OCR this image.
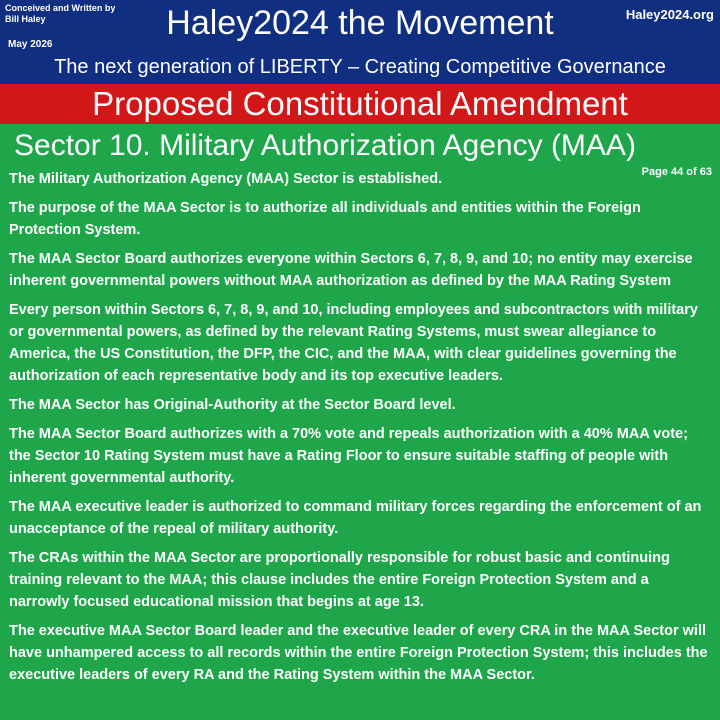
Conceived and Written by Bill Haley
May 2026
Haley2024 the Movement	Haley2024.org
The next generation of LIBERTY – Creating Competitive Governance
Proposed Constitutional Amendment
Sector 10. Military Authorization Agency (MAA)
Page 44 of 63

The Military Authorization Agency (MAA) Sector is established.

The purpose of the MAA Sector is to authorize all individuals and entities within the Foreign Protection System.

The MAA Sector Board authorizes everyone within Sectors 6, 7, 8, 9, and 10; no entity may exercise inherent governmental powers without MAA authorization as defined by the MAA Rating System

Every person within Sectors 6, 7, 8, 9, and 10, including employees and subcontractors with military or governmental powers, as defined by the relevant Rating Systems, must swear allegiance to America, the US Constitution, the DFP, the CIC, and the MAA, with clear guidelines governing the authorization of each representative body and its top executive leaders.

The MAA Sector has Original-Authority at the Sector Board level.

The MAA Sector Board authorizes with a 70% vote and repeals authorization with a 40% MAA vote; the Sector 10 Rating System must have a Rating Floor to ensure suitable staffing of people with inherent governmental authority.

The MAA executive leader is authorized to command military forces regarding the enforcement of an unacceptance of the repeal of military authority.

The CRAs within the MAA Sector are proportionally responsible for robust basic and continuing training relevant to the MAA; this clause includes the entire Foreign Protection System and a narrowly focused educational mission that begins at age 13.

The executive MAA Sector Board leader and the executive leader of every CRA in the MAA Sector will have unhampered access to all records within the entire Foreign Protection System; this includes the executive leaders of every RA and the Rating System within the MAA Sector.
